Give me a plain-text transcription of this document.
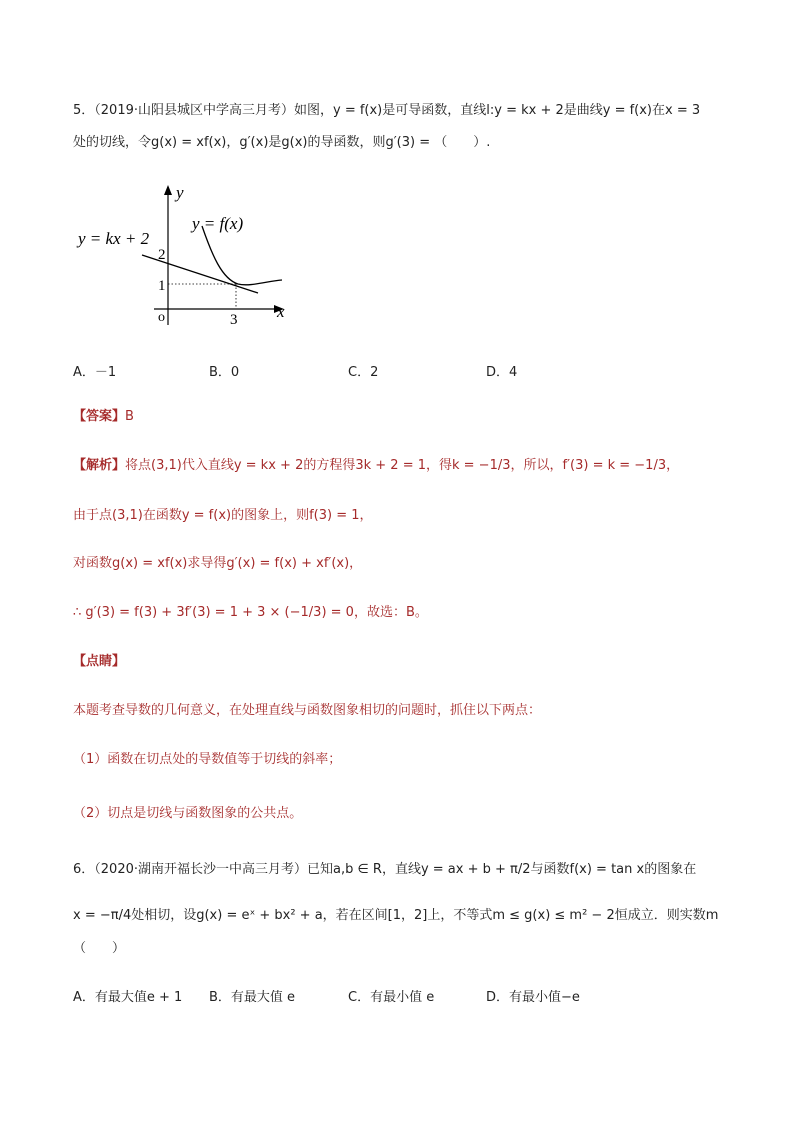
5．（2019·山阳县城区中学高三月考）如图，y = f(x)是可导函数，直线l:y = kx + 2是曲线y = f(x)在x = 3
处的切线，令g(x) = xf(x)，g′(x)是g(x)的导函数，则g′(3) = （　　）.
y = kx + 2
y = f(x)
y
x
2
1
3
o
A．－1	B．0	C．2	D．4
【答案】B
【解析】将点(3,1)代入直线y = kx + 2的方程得3k + 2 = 1，得k = −1/3，所以，f′(3) = k = −1/3，
由于点(3,1)在函数y = f(x)的图象上，则f(3) = 1，
对函数g(x) = xf(x)求导得g′(x) = f(x) + xf′(x)，
∴ g′(3) = f(3) + 3f′(3) = 1 + 3 × (−1/3) = 0，故选：B。
【点睛】
本题考查导数的几何意义，在处理直线与函数图象相切的问题时，抓住以下两点：
（1）函数在切点处的导数值等于切线的斜率；
（2）切点是切线与函数图象的公共点。
6．（2020·湖南开福长沙一中高三月考）已知a,b ∈ R，直线y = ax + b + π/2与函数f(x) = tan x的图象在
x = −π/4处相切，设g(x) = eˣ + bx² + a，若在区间[1，2]上，不等式m ≤ g(x) ≤ m² − 2恒成立．则实数m
（　　）
A．有最大值e + 1 B．有最大值 e	C．有最小值 e	D．有最小值−e
